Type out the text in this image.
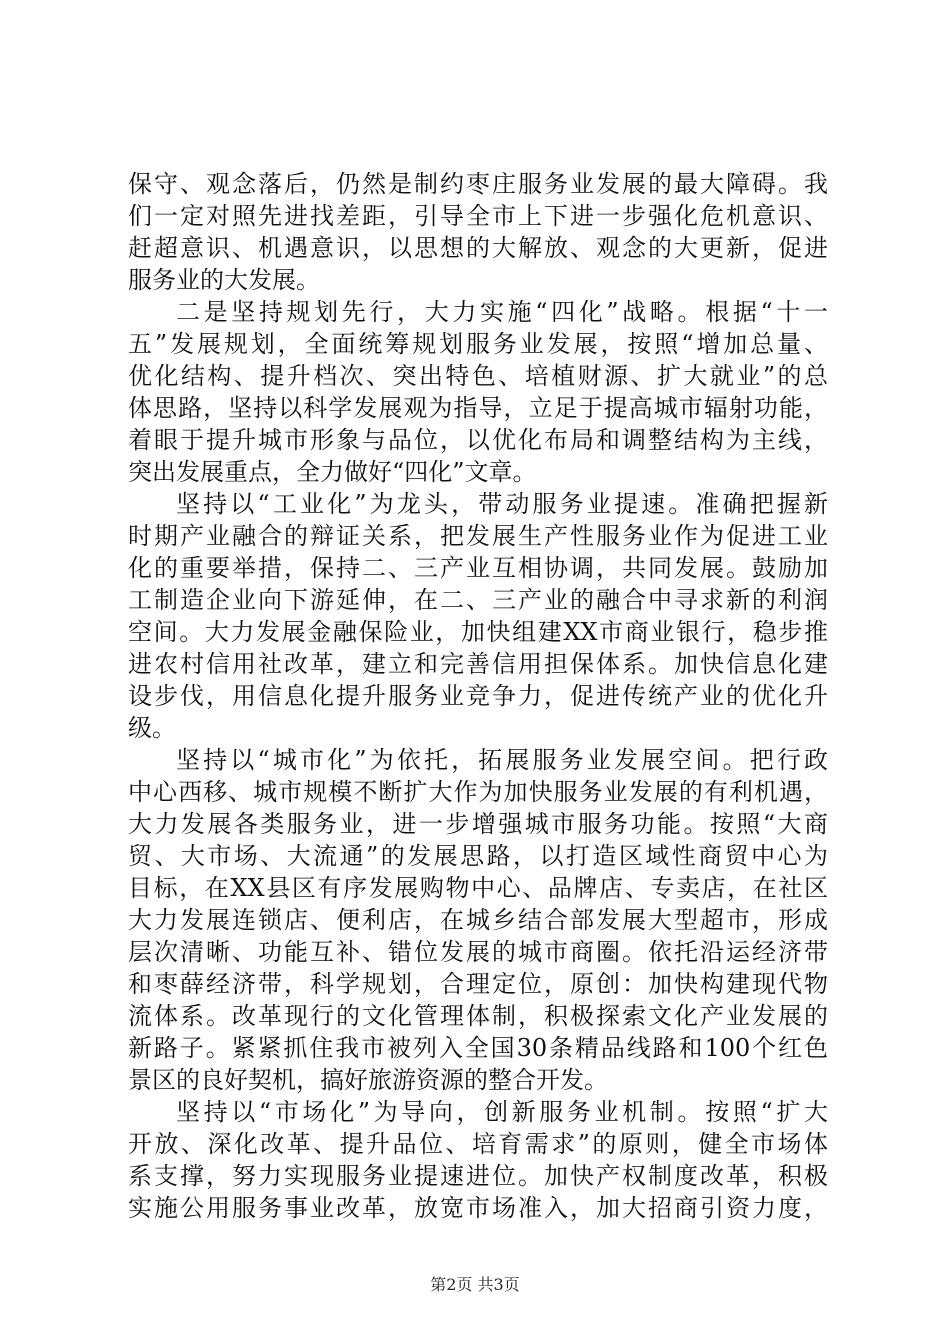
保守、观念落后，仍然是制约枣庄服务业发展的最大障碍。我
们一定对照先进找差距，引导全市上下进一步强化危机意识、
赶超意识、机遇意识，以思想的大解放、观念的大更新，促进
服务业的大发展。
二是坚持规划先行，大力实施“四化”战略。根据“十一
五”发展规划，全面统筹规划服务业发展，按照“增加总量、
优化结构、提升档次、突出特色、培植财源、扩大就业”的总
体思路，坚持以科学发展观为指导，立足于提高城市辐射功能，
着眼于提升城市形象与品位，以优化布局和调整结构为主线，
突出发展重点，全力做好“四化”文章。
坚持以“工业化”为龙头，带动服务业提速。准确把握新
时期产业融合的辩证关系，把发展生产性服务业作为促进工业
化的重要举措，保持二、三产业互相协调，共同发展。鼓励加
工制造企业向下游延伸，在二、三产业的融合中寻求新的利润
空间。大力发展金融保险业，加快组建XX市商业银行，稳步推
进农村信用社改革，建立和完善信用担保体系。加快信息化建
设步伐，用信息化提升服务业竞争力，促进传统产业的优化升
级。
坚持以“城市化”为依托，拓展服务业发展空间。把行政
中心西移、城市规模不断扩大作为加快服务业发展的有利机遇，
大力发展各类服务业，进一步增强城市服务功能。按照“大商
贸、大市场、大流通”的发展思路，以打造区域性商贸中心为
目标，在XX县区有序发展购物中心、品牌店、专卖店，在社区
大力发展连锁店、便利店，在城乡结合部发展大型超市，形成
层次清晰、功能互补、错位发展的城市商圈。依托沿运经济带
和枣薛经济带，科学规划，合理定位，原创：加快构建现代物
流体系。改革现行的文化管理体制，积极探索文化产业发展的
新路子。紧紧抓住我市被列入全国30条精品线路和100个红色
景区的良好契机，搞好旅游资源的整合开发。
坚持以“市场化”为导向，创新服务业机制。按照“扩大
开放、深化改革、提升品位、培育需求”的原则，健全市场体
系支撑，努力实现服务业提速进位。加快产权制度改革，积极
实施公用服务事业改革，放宽市场准入，加大招商引资力度，
第2页 共3页
